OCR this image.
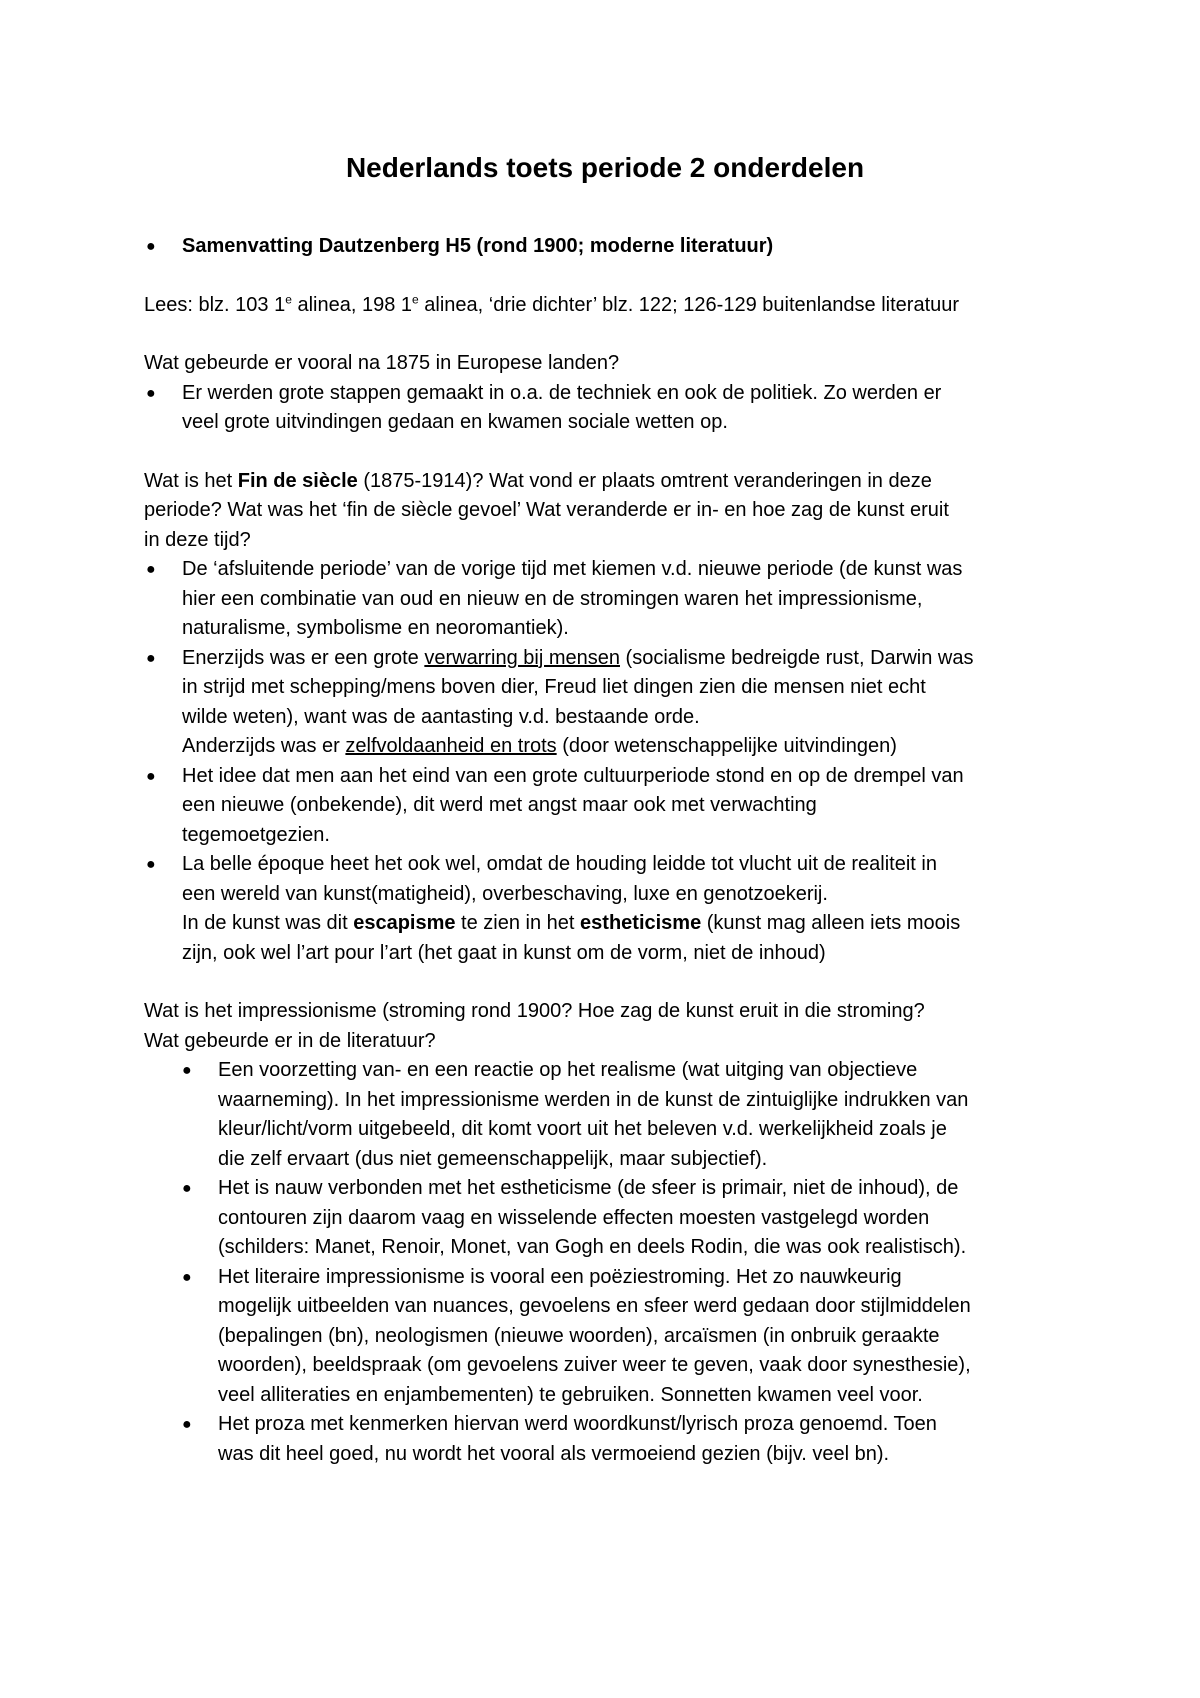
Nederlands toets periode 2 onderdelen
● Samenvatting Dautzenberg H5 (rond 1900; moderne literatuur)

Lees: blz. 103 1e alinea, 198 1e alinea, ‘drie dichter’ blz. 122; 126-129 buitenlandse literatuur

Wat gebeurde er vooral na 1875 in Europese landen?

● Er werden grote stappen gemaakt in o.a. de techniek en ook de politiek. Zo werden er
veel grote uitvindingen gedaan en kwamen sociale wetten op.

Wat is het Fin de siècle (1875-1914)? Wat vond er plaats omtrent veranderingen in deze
periode? Wat was het ‘fin de siècle gevoel’ Wat veranderde er in- en hoe zag de kunst eruit
in deze tijd?

● De ‘afsluitende periode’ van de vorige tijd met kiemen v.d. nieuwe periode (de kunst was
hier een combinatie van oud en nieuw en de stromingen waren het impressionisme,
naturalisme, symbolisme en neoromantiek).
● Enerzijds was er een grote verwarring bij mensen (socialisme bedreigde rust, Darwin was
in strijd met schepping/mens boven dier, Freud liet dingen zien die mensen niet echt
wilde weten), want was de aantasting v.d. bestaande orde.
Anderzijds was er zelfvoldaanheid en trots (door wetenschappelijke uitvindingen)
● Het idee dat men aan het eind van een grote cultuurperiode stond en op de drempel van
een nieuwe (onbekende), dit werd met angst maar ook met verwachting
tegemoetgezien.
● La belle époque heet het ook wel, omdat de houding leidde tot vlucht uit de realiteit in
een wereld van kunst(matigheid), overbeschaving, luxe en genotzoekerij.
In de kunst was dit escapisme te zien in het estheticisme (kunst mag alleen iets moois
zijn, ook wel l’art pour l’art (het gaat in kunst om de vorm, niet de inhoud)

Wat is het impressionisme (stroming rond 1900? Hoe zag de kunst eruit in die stroming?
Wat gebeurde er in de literatuur?

● Een voorzetting van- en een reactie op het realisme (wat uitging van objectieve
waarneming). In het impressionisme werden in de kunst de zintuiglijke indrukken van
kleur/licht/vorm uitgebeeld, dit komt voort uit het beleven v.d. werkelijkheid zoals je
die zelf ervaart (dus niet gemeenschappelijk, maar subjectief).
● Het is nauw verbonden met het estheticisme (de sfeer is primair, niet de inhoud), de
contouren zijn daarom vaag en wisselende effecten moesten vastgelegd worden
(schilders: Manet, Renoir, Monet, van Gogh en deels Rodin, die was ook realistisch).
● Het literaire impressionisme is vooral een poëziestroming. Het zo nauwkeurig
mogelijk uitbeelden van nuances, gevoelens en sfeer werd gedaan door stijlmiddelen
(bepalingen (bn), neologismen (nieuwe woorden), arcaïsmen (in onbruik geraakte
woorden), beeldspraak (om gevoelens zuiver weer te geven, vaak door synesthesie),
veel alliteraties en enjambementen) te gebruiken. Sonnetten kwamen veel voor.
● Het proza met kenmerken hiervan werd woordkunst/lyrisch proza genoemd. Toen
was dit heel goed, nu wordt het vooral als vermoeiend gezien (bijv. veel bn).
